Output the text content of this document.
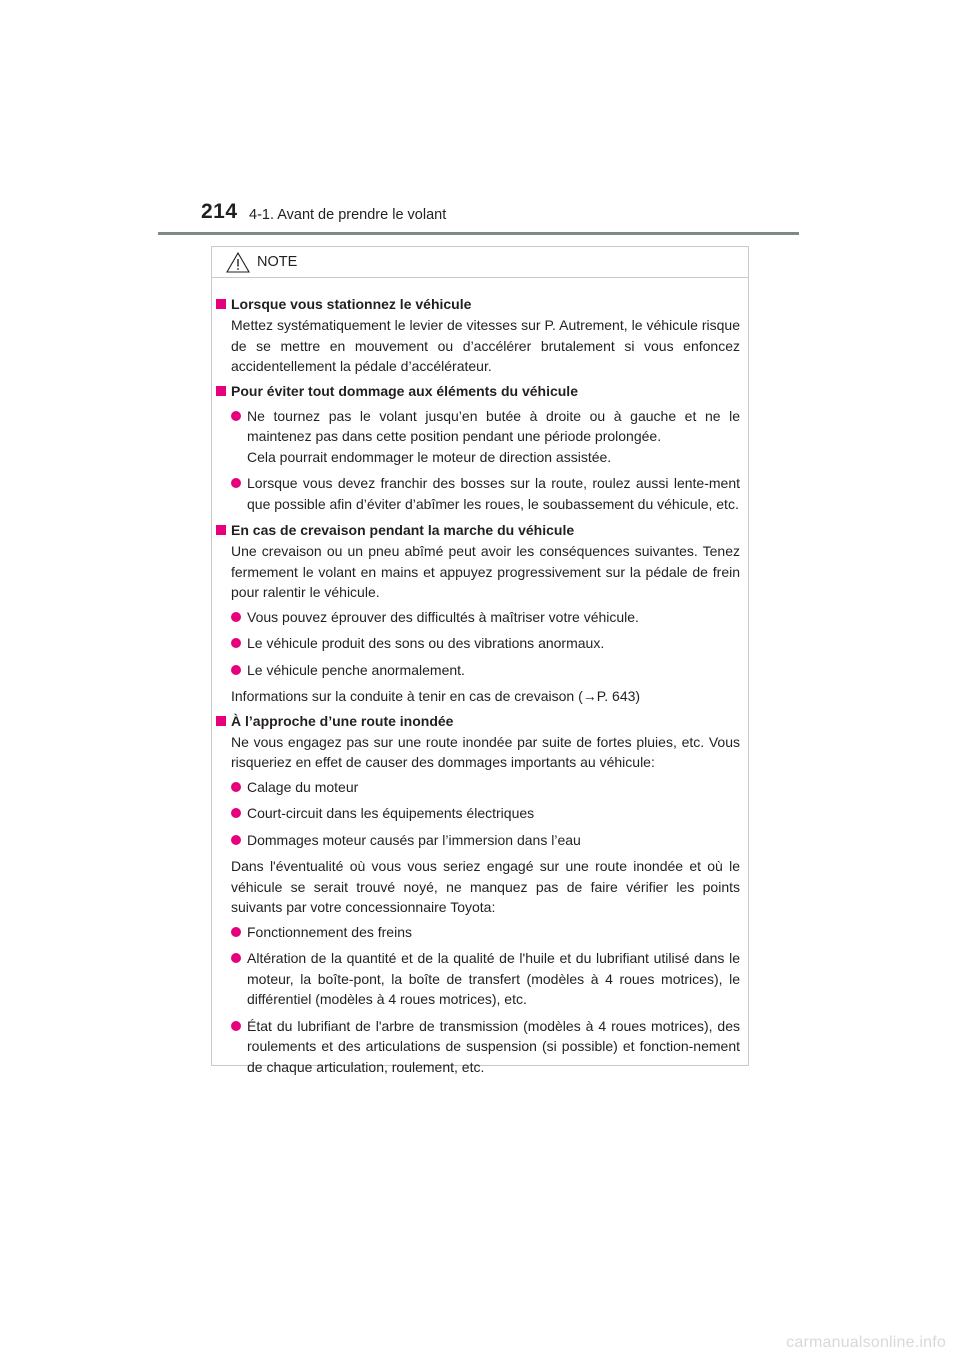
214 4-1. Avant de prendre le volant
NOTE
Lorsque vous stationnez le véhicule
Mettez systématiquement le levier de vitesses sur P. Autrement, le véhicule risque de se mettre en mouvement ou d’accélérer brutalement si vous enfoncez accidentellement la pédale d’accélérateur.
Pour éviter tout dommage aux éléments du véhicule
Ne tournez pas le volant jusqu’en butée à droite ou à gauche et ne le maintenez pas dans cette position pendant une période prolongée.
Cela pourrait endommager le moteur de direction assistée.
Lorsque vous devez franchir des bosses sur la route, roulez aussi lente-ment que possible afin d’éviter d’abîmer les roues, le soubassement du véhicule, etc.
En cas de crevaison pendant la marche du véhicule
Une crevaison ou un pneu abîmé peut avoir les conséquences suivantes. Tenez fermement le volant en mains et appuyez progressivement sur la pédale de frein pour ralentir le véhicule.
Vous pouvez éprouver des difficultés à maîtriser votre véhicule.
Le véhicule produit des sons ou des vibrations anormaux.
Le véhicule penche anormalement.
Informations sur la conduite à tenir en cas de crevaison (→P. 643)
À l’approche d’une route inondée
Ne vous engagez pas sur une route inondée par suite de fortes pluies, etc. Vous risqueriez en effet de causer des dommages importants au véhicule:
Calage du moteur
Court-circuit dans les équipements électriques
Dommages moteur causés par l’immersion dans l’eau
Dans l'éventualité où vous vous seriez engagé sur une route inondée et où le véhicule se serait trouvé noyé, ne manquez pas de faire vérifier les points suivants par votre concessionnaire Toyota:
Fonctionnement des freins
Altération de la quantité et de la qualité de l'huile et du lubrifiant utilisé dans le moteur, la boîte-pont, la boîte de transfert (modèles à 4 roues motrices), le différentiel (modèles à 4 roues motrices), etc.
État du lubrifiant de l'arbre de transmission (modèles à 4 roues motrices), des roulements et des articulations de suspension (si possible) et fonction-nement de chaque articulation, roulement, etc.
carmanualsonline.info
